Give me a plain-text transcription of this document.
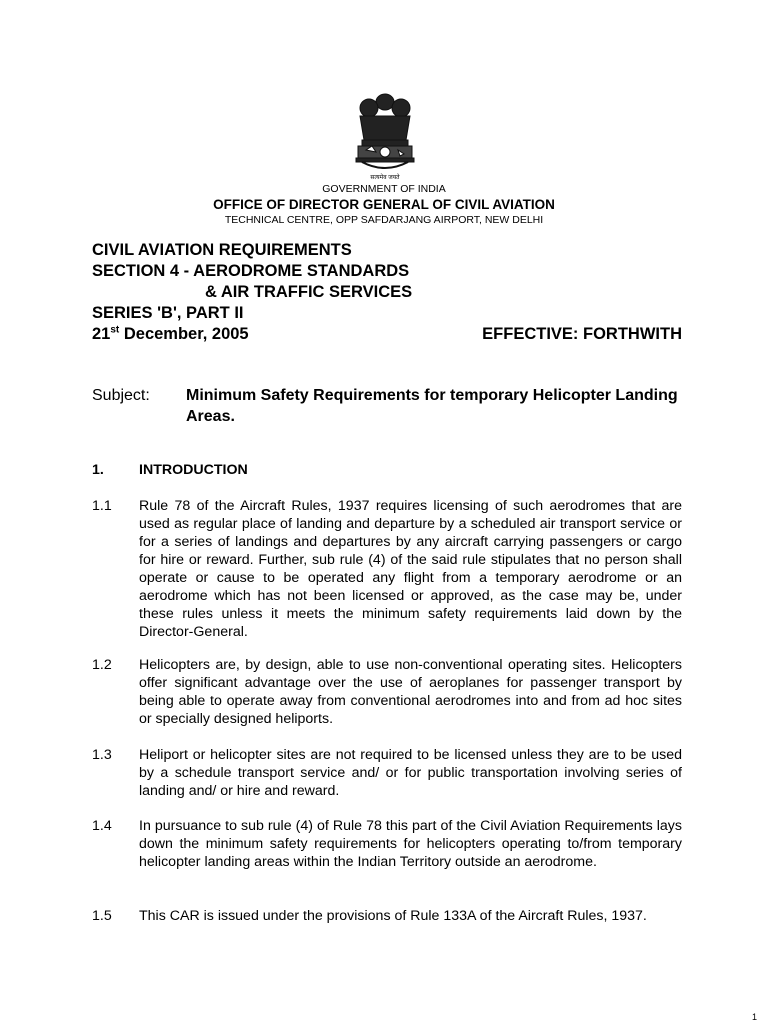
सत्यमेव जयते
GOVERNMENT OF INDIA
OFFICE OF DIRECTOR GENERAL OF CIVIL AVIATION
TECHNICAL CENTRE, OPP SAFDARJANG AIRPORT, NEW DELHI
CIVIL AVIATION REQUIREMENTS
SECTION 4 - AERODROME STANDARDS
& AIR TRAFFIC SERVICES
SERIES 'B', PART II
21st December, 2005	EFFECTIVE: FORTHWITH
Subject: Minimum Safety Requirements for temporary Helicopter Landing Areas.
1. INTRODUCTION
1.1 Rule 78 of the Aircraft Rules, 1937 requires licensing of such aerodromes that are used as regular place of landing and departure by a scheduled air transport service or for a series of landings and departures by any aircraft carrying passengers or cargo for hire or reward. Further, sub rule (4) of the said rule stipulates that no person shall operate or cause to be operated any flight from a temporary aerodrome or an aerodrome which has not been licensed or approved, as the case may be, under these rules unless it meets the minimum safety requirements laid down by the Director-General.
1.2 Helicopters are, by design, able to use non-conventional operating sites. Helicopters offer significant advantage over the use of aeroplanes for passenger transport by being able to operate away from conventional aerodromes into and from ad hoc sites or specially designed heliports.
1.3 Heliport or helicopter sites are not required to be licensed unless they are to be used by a schedule transport service and/ or for public transportation involving series of landing and/ or hire and reward.
1.4 In pursuance to sub rule (4) of Rule 78 this part of the Civil Aviation Requirements lays down the minimum safety requirements for helicopters operating to/from temporary helicopter landing areas within the Indian Territory outside an aerodrome.
1.5 This CAR is issued under the provisions of Rule 133A of the Aircraft Rules, 1937.
1
